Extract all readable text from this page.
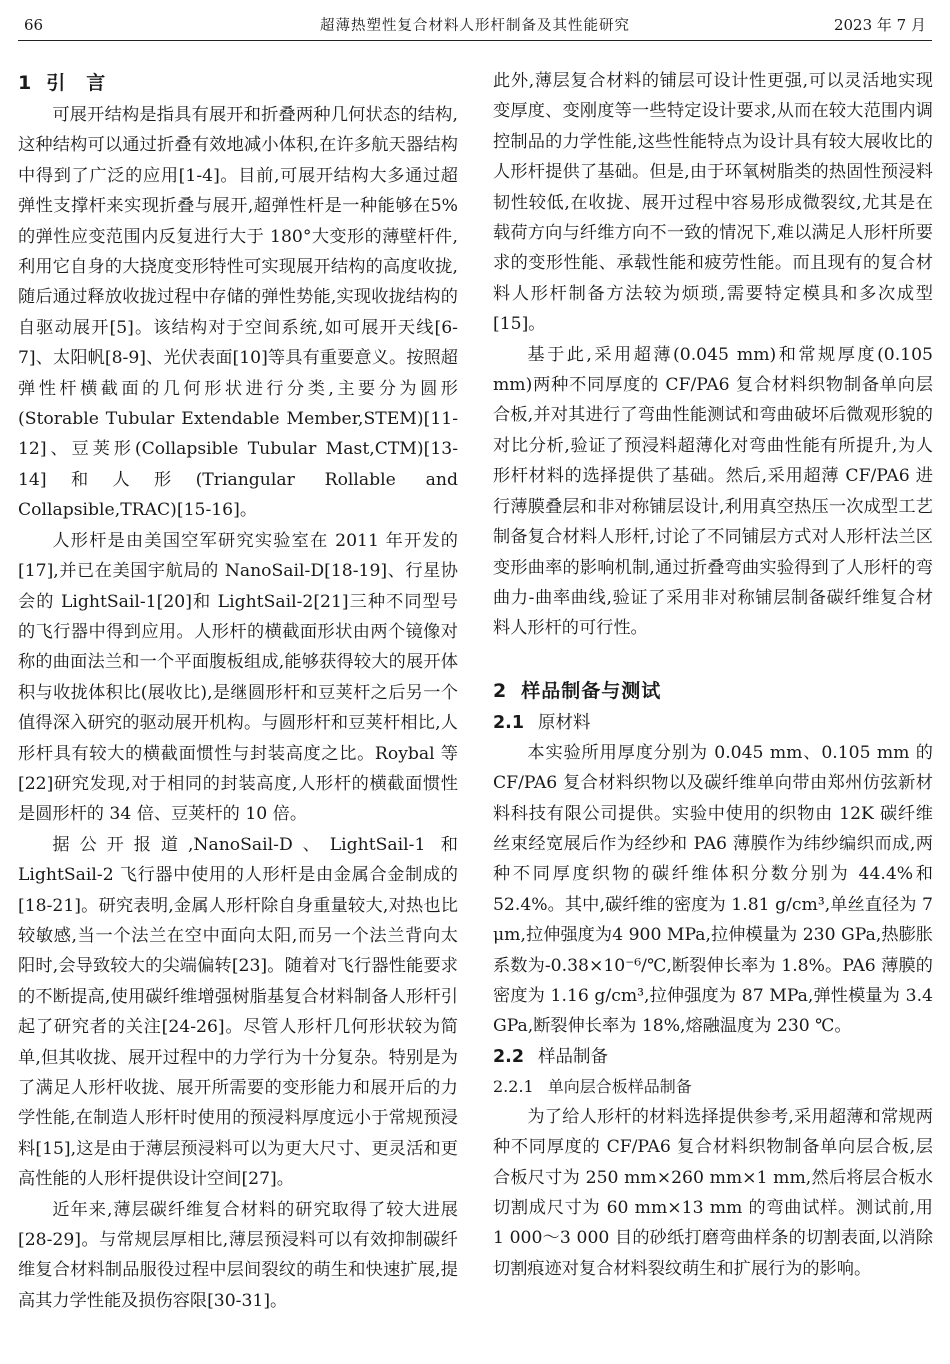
66	超薄热塑性复合材料人形杆制备及其性能研究	2023 年 7 月
1 引　言

可展开结构是指具有展开和折叠两种几何状态的结构,这种结构可以通过折叠有效地减小体积,在许多航天器结构中得到了广泛的应用[1-4]。目前,可展开结构大多通过超弹性支撑杆来实现折叠与展开,超弹性杆是一种能够在5%的弹性应变范围内反复进行大于 180°大变形的薄壁杆件,利用它自身的大挠度变形特性可实现展开结构的高度收拢,随后通过释放收拢过程中存储的弹性势能,实现收拢结构的自驱动展开[5]。该结构对于空间系统,如可展开天线[6-7]、太阳帆[8-9]、光伏表面[10]等具有重要意义。按照超弹性杆横截面的几何形状进行分类,主要分为圆形(Storable Tubular Extendable Member,STEM)[11-12]、豆荚形(Collapsible Tubular Mast,CTM)[13-14]和人形(Triangular Rollable and Collapsible,TRAC)[15-16]。

人形杆是由美国空军研究实验室在 2011 年开发的[17],并已在美国宇航局的 NanoSail-D[18-19]、行星协会的 LightSail-1[20]和 LightSail-2[21]三种不同型号的飞行器中得到应用。人形杆的横截面形状由两个镜像对称的曲面法兰和一个平面腹板组成,能够获得较大的展开体积与收拢体积比(展收比),是继圆形杆和豆荚杆之后另一个值得深入研究的驱动展开机构。与圆形杆和豆荚杆相比,人形杆具有较大的横截面惯性与封装高度之比。Roybal 等[22]研究发现,对于相同的封装高度,人形杆的横截面惯性是圆形杆的 34 倍、豆荚杆的 10 倍。

据公开报道,NanoSail-D、LightSail-1 和 LightSail-2 飞行器中使用的人形杆是由金属合金制成的[18-21]。研究表明,金属人形杆除自身重量较大,对热也比较敏感,当一个法兰在空中面向太阳,而另一个法兰背向太阳时,会导致较大的尖端偏转[23]。随着对飞行器性能要求的不断提高,使用碳纤维增强树脂基复合材料制备人形杆引起了研究者的关注[24-26]。尽管人形杆几何形状较为简单,但其收拢、展开过程中的力学行为十分复杂。特别是为了满足人形杆收拢、展开所需要的变形能力和展开后的力学性能,在制造人形杆时使用的预浸料厚度远小于常规预浸料[15],这是由于薄层预浸料可以为更大尺寸、更灵活和更高性能的人形杆提供设计空间[27]。

近年来,薄层碳纤维复合材料的研究取得了较大进展[28-29]。与常规层厚相比,薄层预浸料可以有效抑制碳纤维复合材料制品服役过程中层间裂纹的萌生和快速扩展,提高其力学性能及损伤容限[30-31]。

此外,薄层复合材料的铺层可设计性更强,可以灵活地实现变厚度、变刚度等一些特定设计要求,从而在较大范围内调控制品的力学性能,这些性能特点为设计具有较大展收比的人形杆提供了基础。但是,由于环氧树脂类的热固性预浸料韧性较低,在收拢、展开过程中容易形成微裂纹,尤其是在载荷方向与纤维方向不一致的情况下,难以满足人形杆所要求的变形性能、承载性能和疲劳性能。而且现有的复合材料人形杆制备方法较为烦琐,需要特定模具和多次成型[15]。

基于此,采用超薄(0.045 mm)和常规厚度(0.105 mm)两种不同厚度的 CF/PA6 复合材料织物制备单向层合板,并对其进行了弯曲性能测试和弯曲破坏后微观形貌的对比分析,验证了预浸料超薄化对弯曲性能有所提升,为人形杆材料的选择提供了基础。然后,采用超薄 CF/PA6 进行薄膜叠层和非对称铺层设计,利用真空热压一次成型工艺制备复合材料人形杆,讨论了不同铺层方式对人形杆法兰区变形曲率的影响机制,通过折叠弯曲实验得到了人形杆的弯曲力-曲率曲线,验证了采用非对称铺层制备碳纤维复合材料人形杆的可行性。

2 样品制备与测试
2.1 原材料

本实验所用厚度分别为 0.045 mm、0.105 mm 的 CF/PA6 复合材料织物以及碳纤维单向带由郑州仿弦新材料科技有限公司提供。实验中使用的织物由 12K 碳纤维丝束经宽展后作为经纱和 PA6 薄膜作为纬纱编织而成,两种不同厚度织物的碳纤维体积分数分别为 44.4%和 52.4%。其中,碳纤维的密度为 1.81 g/cm³,单丝直径为 7 μm,拉伸强度为4 900 MPa,拉伸模量为 230 GPa,热膨胀系数为-0.38×10⁻⁶/℃,断裂伸长率为 1.8%。PA6 薄膜的密度为 1.16 g/cm³,拉伸强度为 87 MPa,弹性模量为 3.4 GPa,断裂伸长率为 18%,熔融温度为 230 ℃。

2.2 样品制备
2.2.1 单向层合板样品制备

为了给人形杆的材料选择提供参考,采用超薄和常规两种不同厚度的 CF/PA6 复合材料织物制备单向层合板,层合板尺寸为 250 mm×260 mm×1 mm,然后将层合板水切割成尺寸为 60 mm×13 mm 的弯曲试样。测试前,用 1 000～3 000 目的砂纸打磨弯曲样条的切割表面,以消除切割痕迹对复合材料裂纹萌生和扩展行为的影响。
